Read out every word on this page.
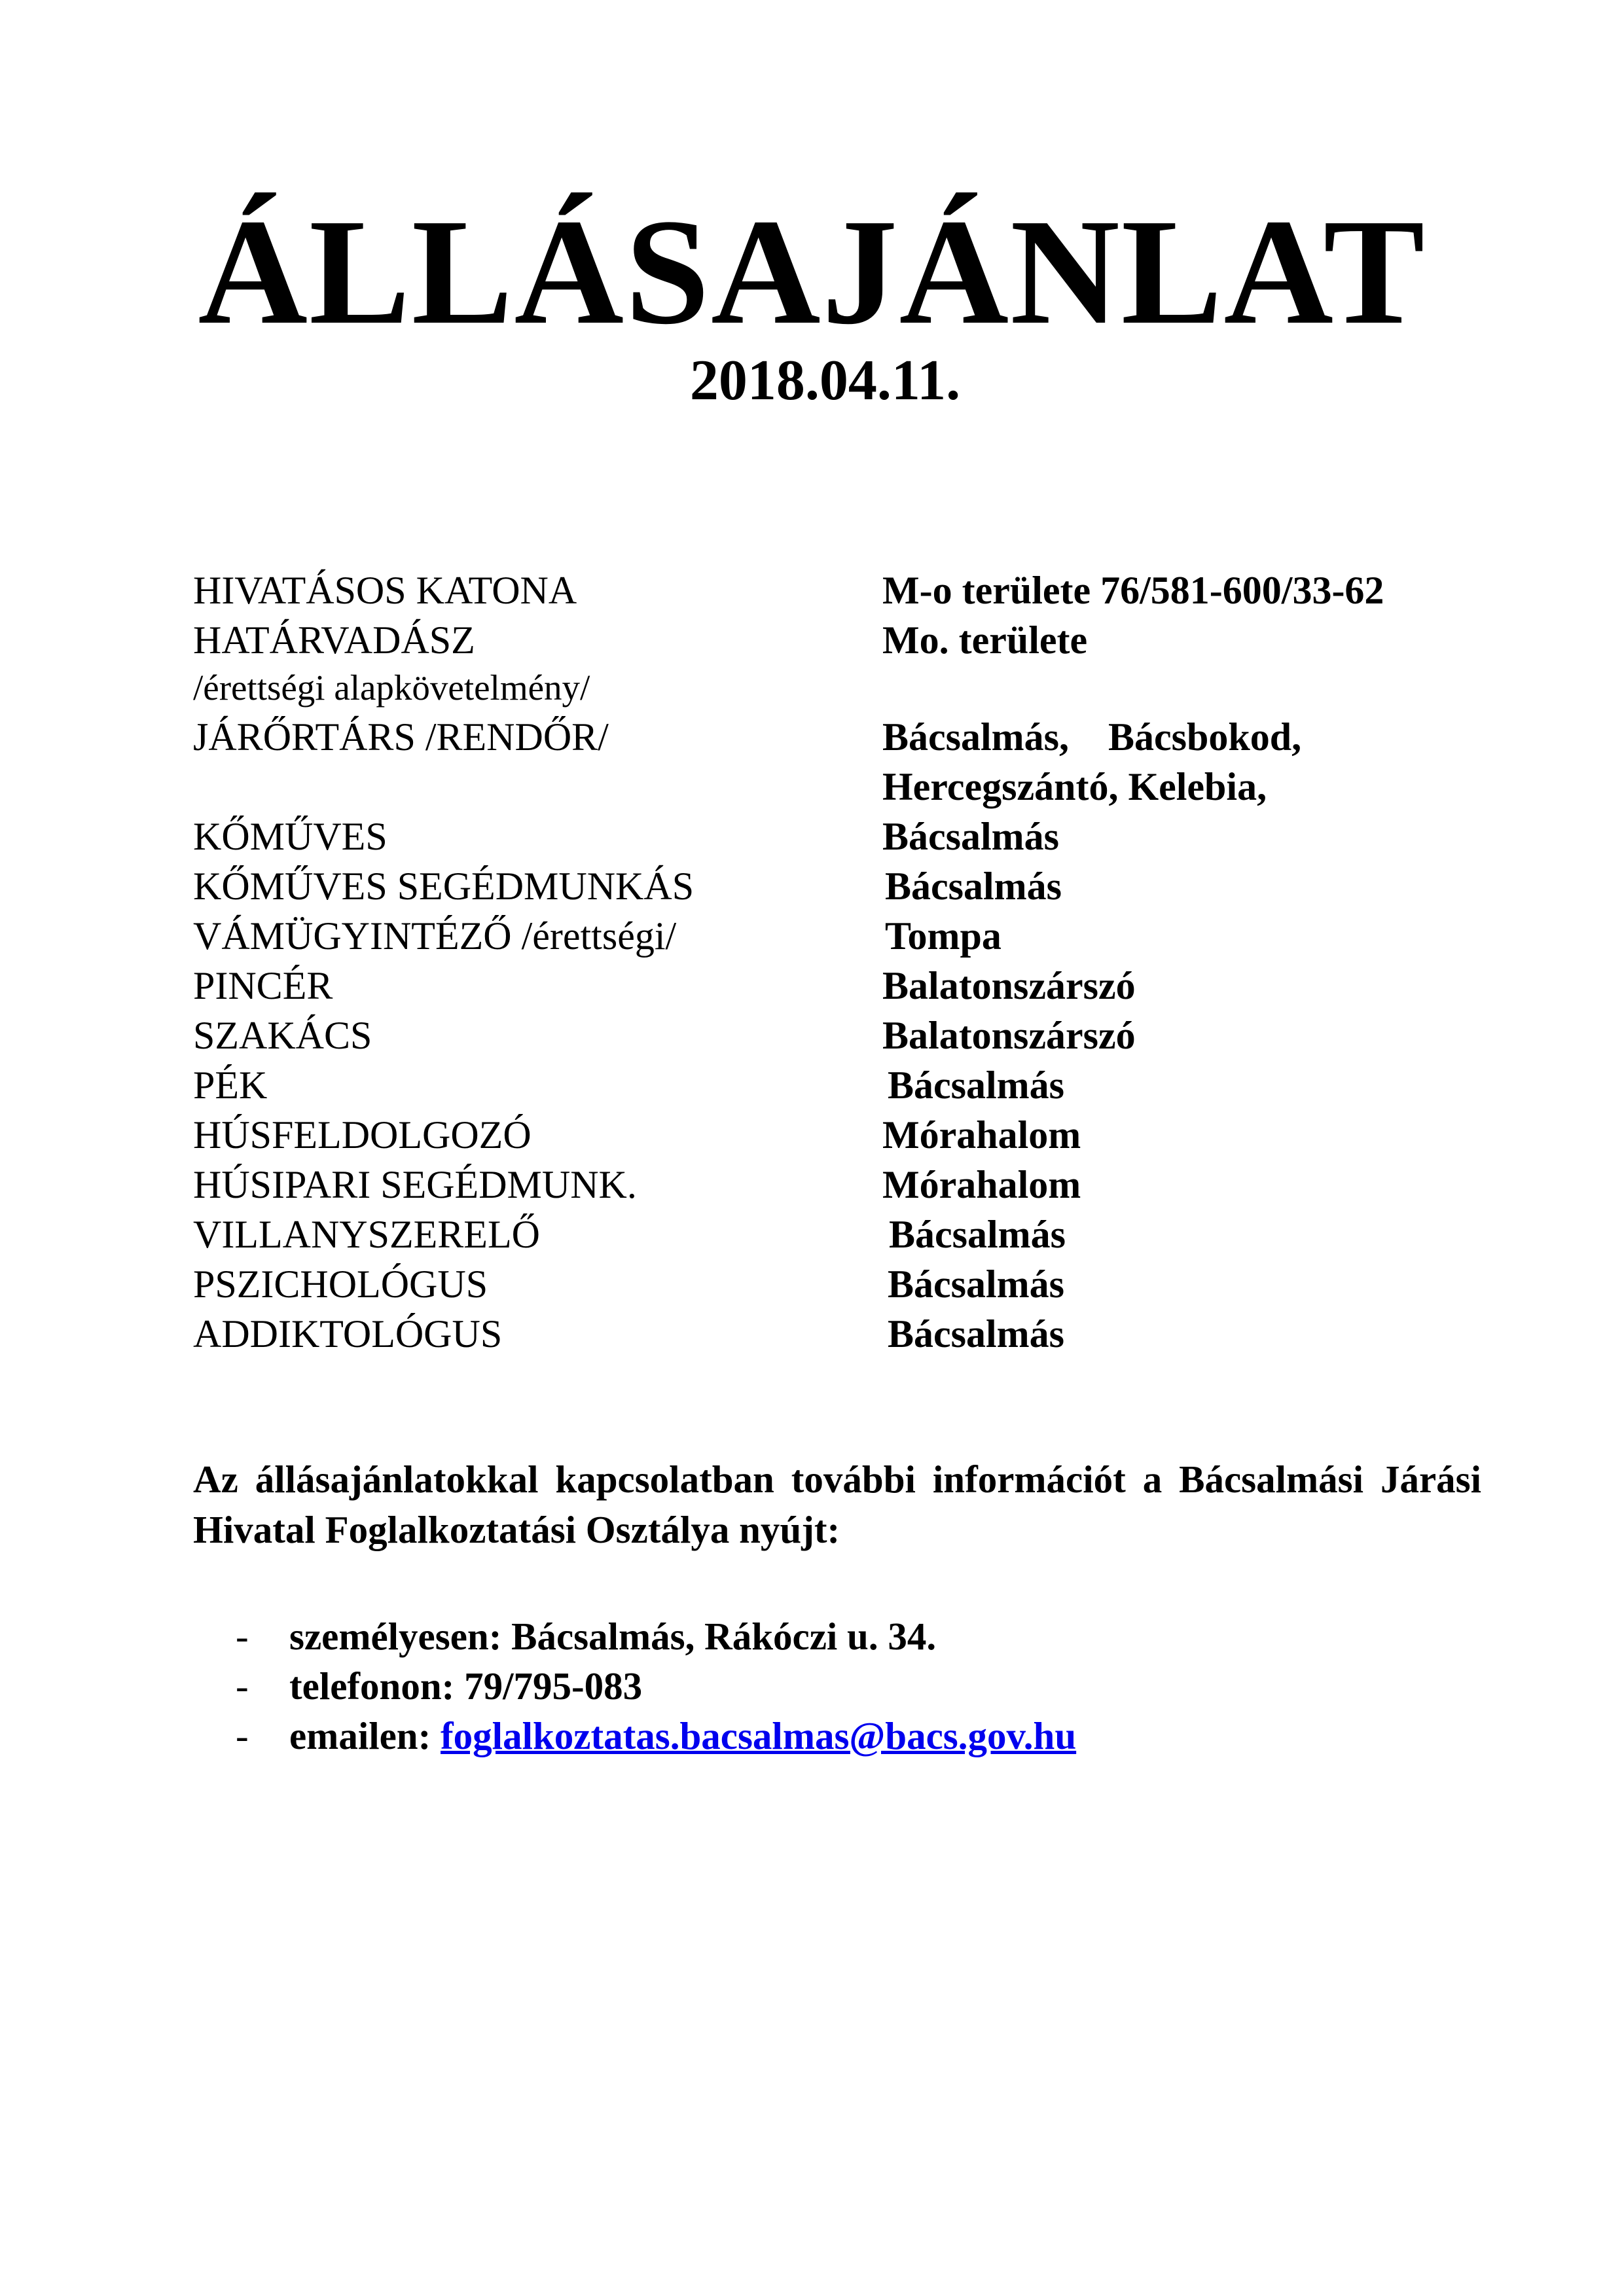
ÁLLÁSAJÁNLAT
2018.04.11.
HIVATÁSOS KATONA	M-o területe 76/581-600/33-62
HATÁRVADÁSZ	Mo. területe
/érettségi alapkövetelmény/
JÁRŐRTÁRS /RENDŐR/	Bácsalmás,    Bácsbokod,
Hercegszántó, Kelebia,
KŐMŰVES	Bácsalmás
KŐMŰVES SEGÉDMUNKÁS	Bácsalmás
VÁMÜGYINTÉZŐ /érettségi/	Tompa
PINCÉR	Balatonszárszó
SZAKÁCS	Balatonszárszó
PÉK	Bácsalmás
HÚSFELDOLGOZÓ	Mórahalom
HÚSIPARI SEGÉDMUNK.	Mórahalom
VILLANYSZERELŐ	Bácsalmás
PSZICHOLÓGUS	Bácsalmás
ADDIKTOLÓGUS	Bácsalmás
Az állásajánlatokkal kapcsolatban további információt a Bácsalmási Járási Hivatal Foglalkoztatási Osztálya nyújt:
-	személyesen: Bácsalmás, Rákóczi u. 34.
-	telefonon: 79/795-083
-	emailen: foglalkoztatas.bacsalmas@bacs.gov.hu
